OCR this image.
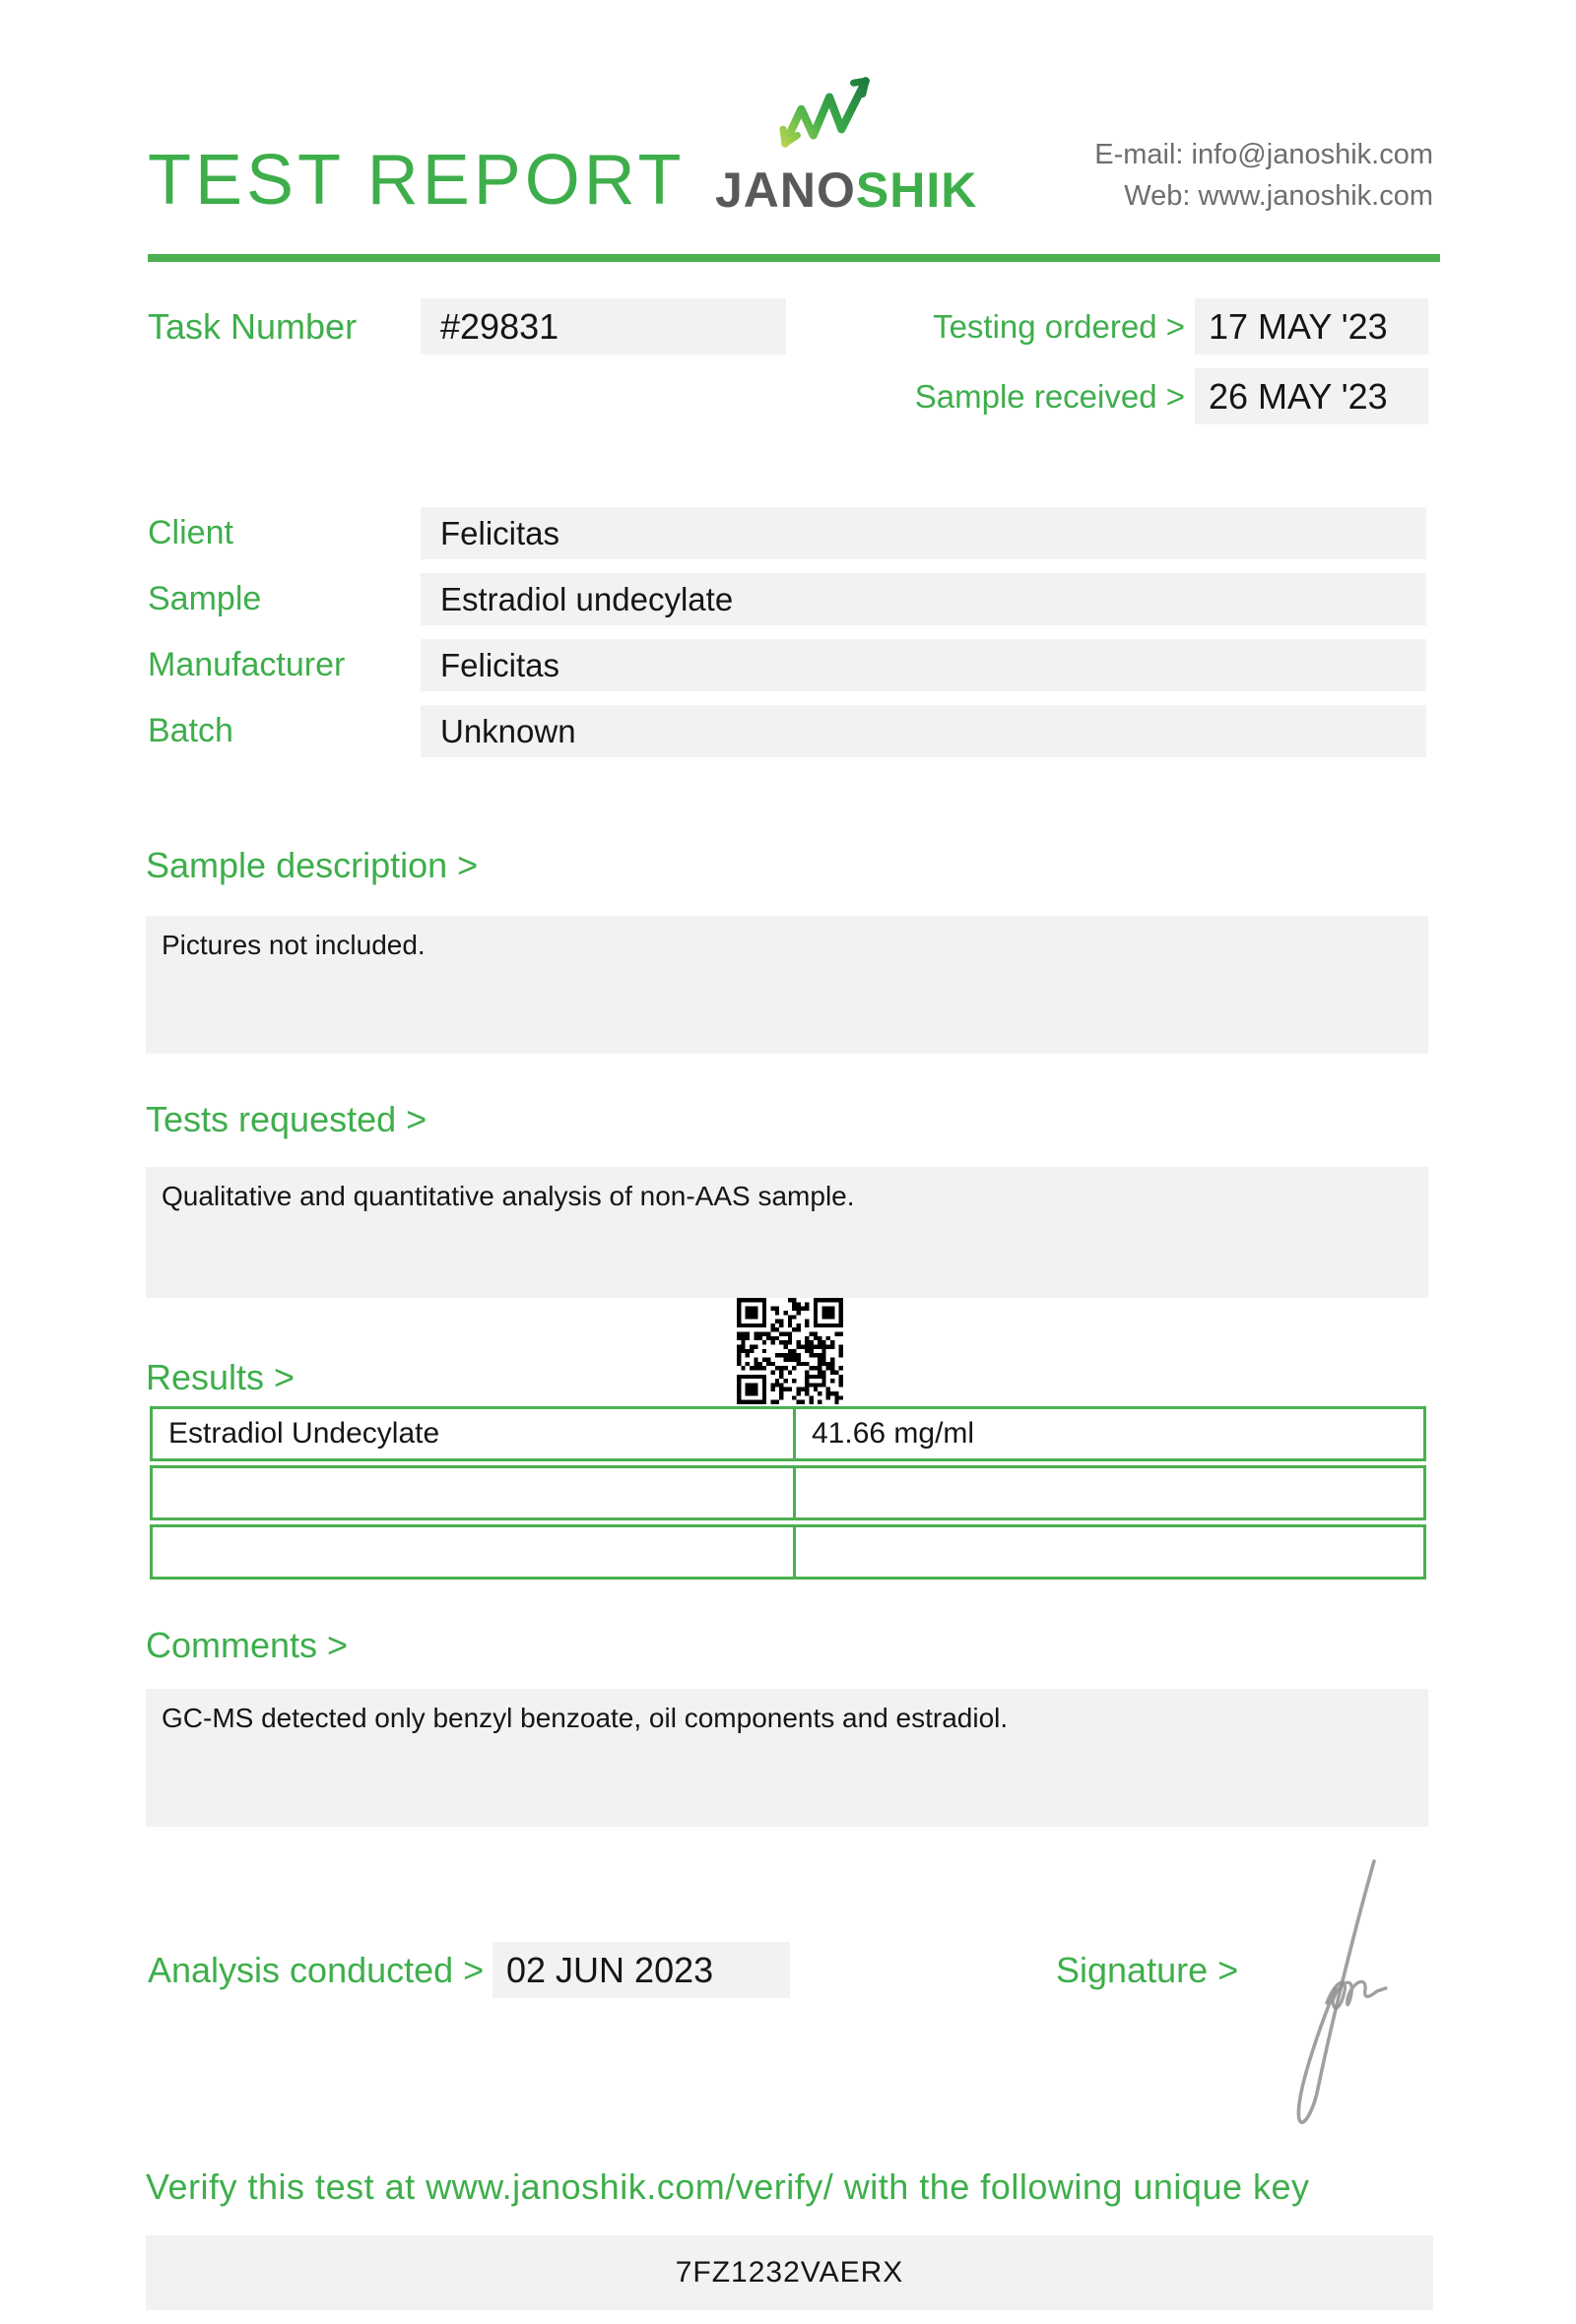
TEST REPORT JANOSHIK
E-mail: info@janoshik.com
Web: www.janoshik.com
Task Number	#29831	Testing ordered > 17 MAY '23
Sample received > 26 MAY '23
Client	Felicitas
Sample	Estradiol undecylate
Manufacturer	Felicitas
Batch	Unknown
Sample description >
Pictures not included.
Tests requested >
Qualitative and quantitative analysis of non-AAS sample.
Results >
Estradiol Undecylate	41.66 mg/ml
Comments >
GC-MS detected only benzyl benzoate, oil components and estradiol.
Analysis conducted > 02 JUN 2023	Signature >
Verify this test at www.janoshik.com/verify/ with the following unique key
7FZ1232VAERX
